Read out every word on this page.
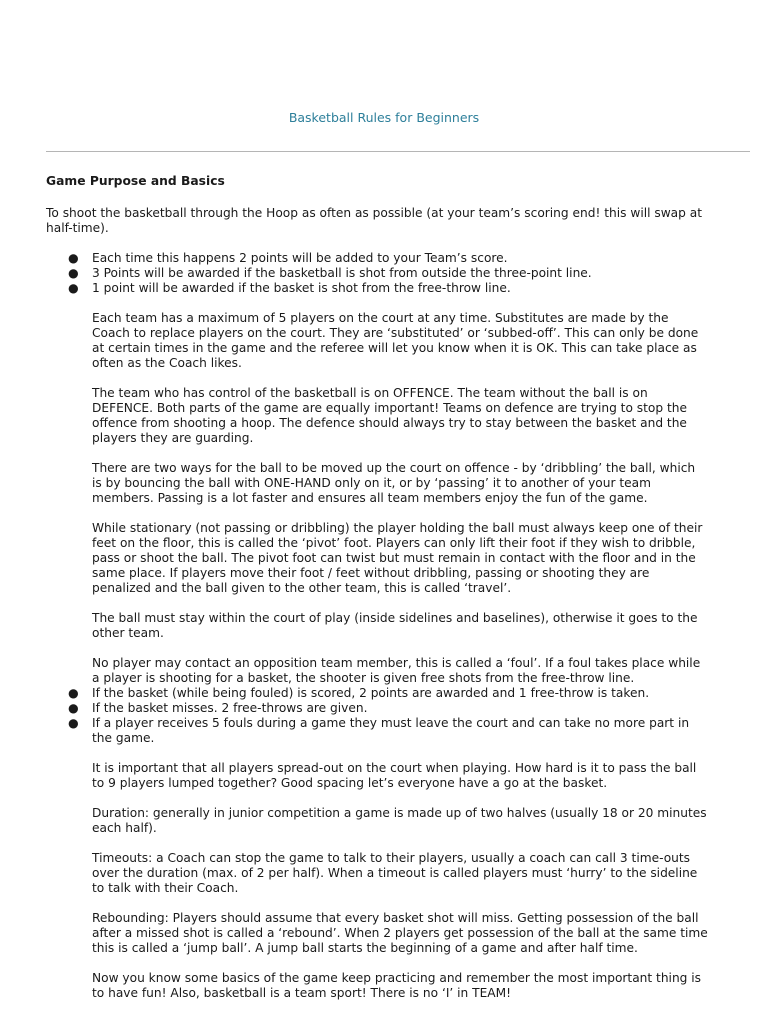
Basketball Rules for Beginners
Game Purpose and Basics

To shoot the basketball through the Hoop as often as possible (at your team’s scoring end! this will swap at half-time).

● Each time this happens 2 points will be added to your Team’s score.
● 3 Points will be awarded if the basketball is shot from outside the three-point line.
● 1 point will be awarded if the basket is shot from the free-throw line.

Each team has a maximum of 5 players on the court at any time. Substitutes are made by the Coach to replace players on the court. They are ‘substituted’ or ‘subbed-off’. This can only be done at certain times in the game and the referee will let you know when it is OK. This can take place as often as the Coach likes.

The team who has control of the basketball is on OFFENCE. The team without the ball is on DEFENCE. Both parts of the game are equally important! Teams on defence are trying to stop the offence from shooting a hoop. The defence should always try to stay between the basket and the players they are guarding.

There are two ways for the ball to be moved up the court on offence - by ‘dribbling’ the ball, which is by bouncing the ball with ONE-HAND only on it, or by ‘passing’ it to another of your team members. Passing is a lot faster and ensures all team members enjoy the fun of the game.

While stationary (not passing or dribbling) the player holding the ball must always keep one of their feet on the floor, this is called the ‘pivot’ foot. Players can only lift their foot if they wish to dribble, pass or shoot the ball. The pivot foot can twist but must remain in contact with the floor and in the same place. If players move their foot / feet without dribbling, passing or shooting they are penalized and the ball given to the other team, this is called ‘travel’.

The ball must stay within the court of play (inside sidelines and baselines), otherwise it goes to the other team.

No player may contact an opposition team member, this is called a ‘foul’. If a foul takes place while a player is shooting for a basket, the shooter is given free shots from the free-throw line.

● If the basket (while being fouled) is scored, 2 points are awarded and 1 free-throw is taken.
● If the basket misses. 2 free-throws are given.
● If a player receives 5 fouls during a game they must leave the court and can take no more part in the game.

It is important that all players spread-out on the court when playing. How hard is it to pass the ball to 9 players lumped together? Good spacing let’s everyone have a go at the basket.

Duration: generally in junior competition a game is made up of two halves (usually 18 or 20 minutes each half).

Timeouts: a Coach can stop the game to talk to their players, usually a coach can call 3 time-outs over the duration (max. of 2 per half). When a timeout is called players must ‘hurry’ to the sideline to talk with their Coach.

Rebounding: Players should assume that every basket shot will miss. Getting possession of the ball after a missed shot is called a ‘rebound’. When 2 players get possession of the ball at the same time this is called a ‘jump ball’. A jump ball starts the beginning of a game and after half time.

Now you know some basics of the game keep practicing and remember the most important thing is to have fun! Also, basketball is a team sport! There is no ‘I’ in TEAM!
